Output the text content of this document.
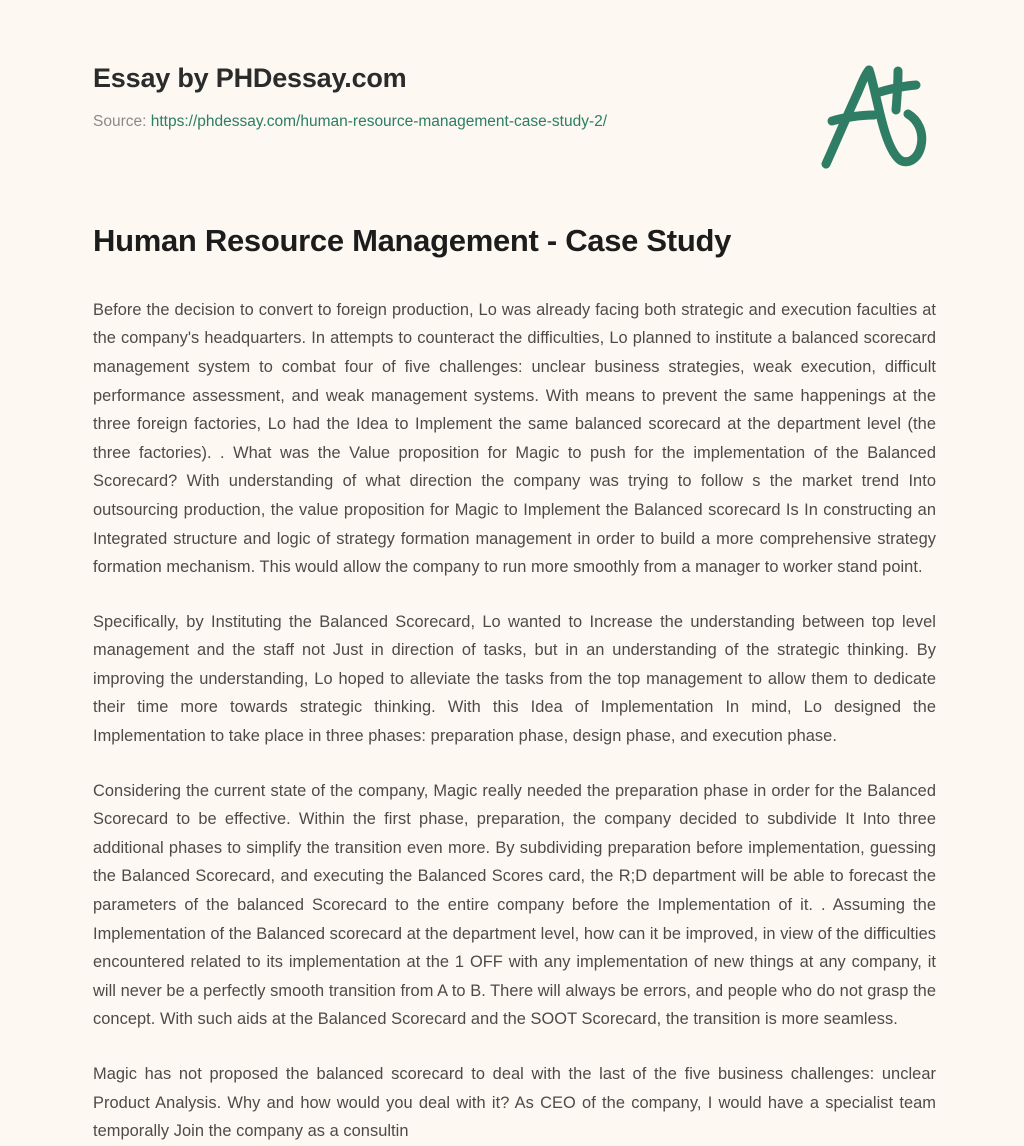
Essay by PHDessay.com
Source: https://phdessay.com/human-resource-management-case-study-2/
Human Resource Management - Case Study

Before the decision to convert to foreign production, Lo was already facing both strategic and execution faculties at the company's headquarters. In attempts to counteract the difficulties, Lo planned to institute a balanced scorecard management system to combat four of five challenges: unclear business strategies, weak execution, difficult performance assessment, and weak management systems. With means to prevent the same happenings at the three foreign factories, Lo had the Idea to Implement the same balanced scorecard at the department level (the three factories). . What was the Value proposition for Magic to push for the implementation of the Balanced Scorecard? With understanding of what direction the company was trying to follow s the market trend Into outsourcing production, the value proposition for Magic to Implement the Balanced scorecard Is In constructing an Integrated structure and logic of strategy formation management in order to build a more comprehensive strategy formation mechanism. This would allow the company to run more smoothly from a manager to worker stand point.

Specifically, by Instituting the Balanced Scorecard, Lo wanted to Increase the understanding between top level management and the staff not Just in direction of tasks, but in an understanding of the strategic thinking. By improving the understanding, Lo hoped to alleviate the tasks from the top management to allow them to dedicate their time more towards strategic thinking. With this Idea of Implementation In mind, Lo designed the Implementation to take place in three phases: preparation phase, design phase, and execution phase.

Considering the current state of the company, Magic really needed the preparation phase in order for the Balanced Scorecard to be effective. Within the first phase, preparation, the company decided to subdivide It Into three additional phases to simplify the transition even more. By subdividing preparation before implementation, guessing the Balanced Scorecard, and executing the Balanced Scores card, the R;D department will be able to forecast the parameters of the balanced Scorecard to the entire company before the Implementation of it. . Assuming the Implementation of the Balanced scorecard at the department level, how can it be improved, in view of the difficulties encountered related to its implementation at the 1 OFF with any implementation of new things at any company, it will never be a perfectly smooth transition from A to B. There will always be errors, and people who do not grasp the concept. With such aids at the Balanced Scorecard and the SOOT Scorecard, the transition is more seamless.

Magic has not proposed the balanced scorecard to deal with the last of the five business challenges: unclear Product Analysis. Why and how would you deal with it? As CEO of the company, I would have a specialist team temporally Join the company as a consultin
